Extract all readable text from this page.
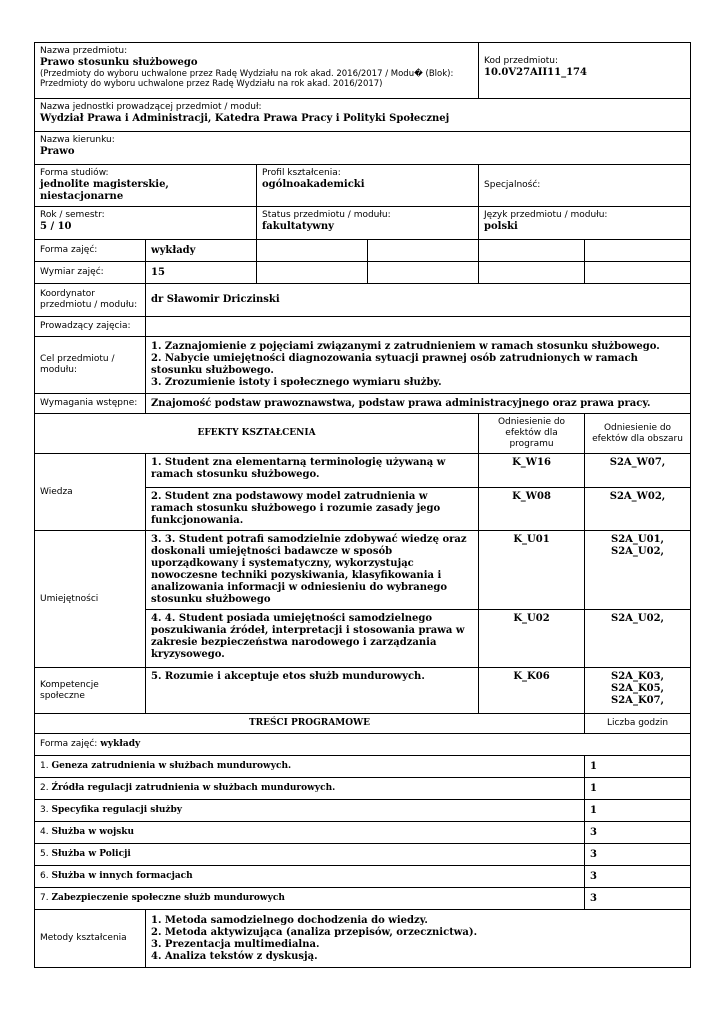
Nazwa przedmiotu:
Prawo stosunku służbowego
(Przedmioty do wyboru uchwalone przez Radę Wydziału na rok akad. 2016/2017 / Modu� (Blok): Przedmioty do wyboru uchwalone przez Radę Wydziału na rok akad. 2016/2017)				Kod przedmiotu:
10.0V27AII11_174	

Nazwa jednostki prowadzącej przedmiot / moduł:
Wydział Prawa i Administracji, Katedra Prawa Pracy i Polityki Społecznej					

Nazwa kierunku:
Prawo					

Forma studiów:
jednolite magisterskie, niestacjonarne		Profil kształcenia:
ogólnoakademicki		Specjalność:	

Rok / semestr:
5 / 10		Status przedmiotu / modułu:
fakultatywny		Język przedmiotu / modułu:
polski	

Forma zajęć:	wykłady				
Wymiar zajęć:	15				
Koordynator przedmiotu / modułu:	dr Sławomir Driczinski				
Prowadzący zajęcia:					
Cel przedmiotu / modułu:	1. Zaznajomienie z pojęciami związanymi z zatrudnieniem w ramach stosunku służbowego.
2. Nabycie umiejętności diagnozowania sytuacji prawnej osób zatrudnionych w ramach stosunku służbowego.
3. Zrozumienie istoty i społecznego wymiaru służby.				

Wymagania wstępne:	Znajomość podstaw prawoznawstwa, podstaw prawa administracyjnego oraz prawa pracy.				
EFEKTY KSZTAŁCENIA				Odniesienie do efektów dla programu	Odniesienie do efektów dla obszaru
Wiedza	1. Student zna elementarną terminologię używaną w ramach stosunku służbowego.			K_W16	S2A_W07,
	2. Student zna podstawowy model zatrudnienia w ramach stosunku służbowego i rozumie zasady jego funkcjonowania.			K_W08	S2A_W02,
Umiejętności	3. 3. Student potrafi samodzielnie zdobywać wiedzę oraz doskonali umiejętności badawcze w sposób uporządkowany i systematyczny, wykorzystując nowoczesne techniki pozyskiwania, klasyfikowania i analizowania informacji w odniesieniu do wybranego stosunku służbowego			K_U01	S2A_U01, S2A_U02,
	4. 4. Student posiada umiejętności samodzielnego poszukiwania źródeł, interpretacji i stosowania prawa w zakresie bezpieczeństwa narodowego i zarządzania kryzysowego.			K_U02	S2A_U02,
Kompetencje społeczne	5. Rozumie i akceptuje etos służb mundurowych.			K_K06	S2A_K03, S2A_K05, S2A_K07,
TREŚCI PROGRAMOWE					Liczba godzin
Forma zajęć: wykłady					
1. Geneza zatrudnienia w służbach mundurowych.					1
2. Źródła regulacji zatrudnienia w służbach mundurowych.					1
3. Specyfika regulacji służby					1
4. Służba w wojsku					3
5. Służba w Policji					3
6. Służba w innych formacjach					3
7. Zabezpieczenie społeczne służb mundurowych					3
Metody kształcenia	1. Metoda samodzielnego dochodzenia do wiedzy.
2. Metoda aktywizująca (analiza przepisów, orzecznictwa).
3. Prezentacja multimedialna.
4. Analiza tekstów z dyskusją.				
